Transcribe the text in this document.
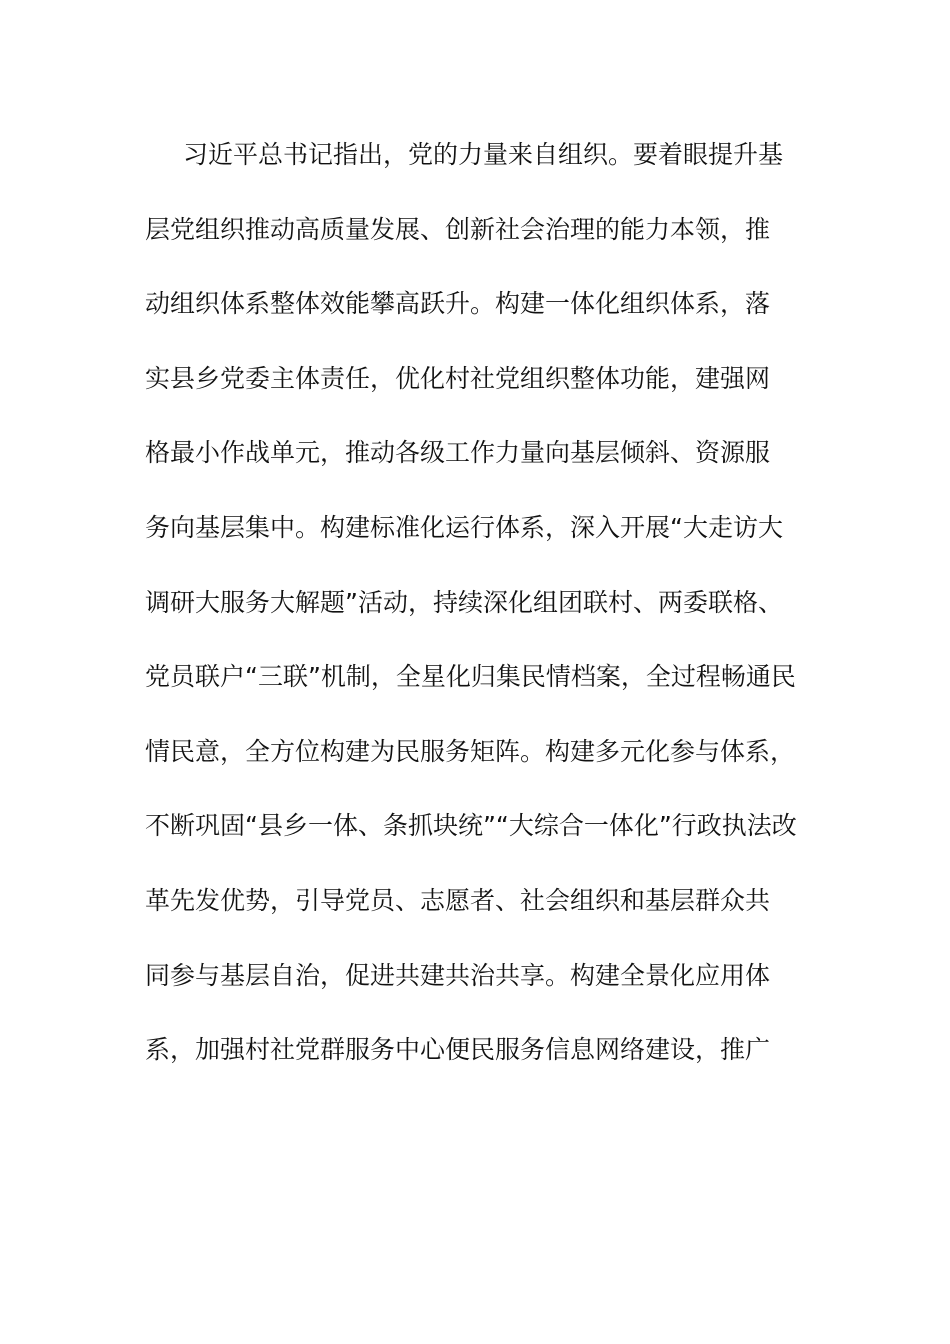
习近平总书记指出，党的力量来自组织。要着眼提升基
层党组织推动高质量发展、创新社会治理的能力本领，推
动组织体系整体效能攀高跃升。构建一体化组织体系，落
实县乡党委主体责任，优化村社党组织整体功能，建强网
格最小作战单元，推动各级工作力量向基层倾斜、资源服
务向基层集中。构建标准化运行体系，深入开展“大走访大
调研大服务大解题”活动，持续深化组团联村、两委联格、
党员联户“三联”机制，全星化归集民情档案，全过程畅通民
情民意，全方位构建为民服务矩阵。构建多元化参与体系，
不断巩固“县乡一体、条抓块统”“大综合一体化”行政执法改
革先发优势，引导党员、志愿者、社会组织和基层群众共
同参与基层自治，促进共建共治共享。构建全景化应用体
系，加强村社党群服务中心便民服务信息网络建设，推广
